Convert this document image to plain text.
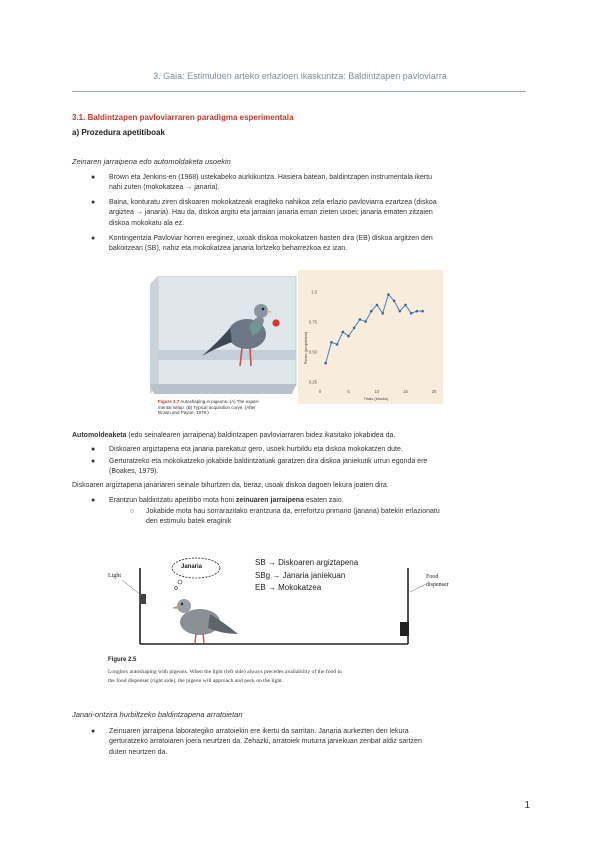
3. Gaia: Estimuluen arteko erlazioen ikaskuntza: Baldintzapen pavloviarra
3.1. Baldintzapen pavloviarraren paradigma esperimentala
a) Prozedura apetitiboak
Zeinaren jarraipena edo automoldaketa usoekin
● Brown eta Jenkins-en (1968) ustekabeko aurkikuntza. Hasiera batean, baldintzapen instrumentala ikertu
nahi zuten (mokokatzea → janaria).
● Baina, konturatu ziren diskoaren mokokatzeak eragiteko nahikoa zela erlazio pavloviarra ezartzea (diskoa
argiztea → janaria). Hau da, diskoa argitu eta jarraian janaria eman zieten uxoei; janaria ematen zitzaien
diskoa mokokatu ala ez.
● Kontingentzia Pavloviar horren ereginez, uxoak diskoa mokokatzen hasten dira (EB) diskoa argitzen den
bakoitzean (SB), nahiz eta mokokatzea janaria lortzeko beharrezkoa ez izan.
Figure 3.7 Autoshaping in pigeons. (A) The experi-
mental setup. (B) Typical acquisition curve. (After
Brown and Payne, 1979.)
0.25
0.50
0.75
1.0
0	5	10	15	20
Pecks (proportion)
Trials (blocks)
Automoldeaketa (edo seinalearen jarraipena) baldintzapen pavloviarraren bidez ikasitako jokabidea da.
● Diskoaren argiztapena eta janaria parekatuz gero, usoek hurbildu eta diskoa mokokatzen dute.
● Gerturatzeko eta mokokatzeko jokabide baldintzatuak garatzen dira diskoa janiekutik urrun egonda ere
(Boakes, 1979).
Diskoaren argiztapena janariaren seinale bihurtzen da, beraz, usoak diskoa dagoen lekura joaten dira.
● Erantzun baldintzatu apetitibo mota honi zeinuaren jarraipena esaten zaio.
○ Jokabide mota hau sorrarazitako erantzuna da, errefortzu primario (janaria) batekin erlazionatu
den estimulu batek eraginik
Light
Janaria
Food
dispenser
SB → Diskoaren argiztapena
SBg → Janaria janiekuan
EB → Mokokatzea
Figure 2.5
Longbox autoshaping with pigeons. When the light (left side) always precedes availability of the food in
the food dispenser (right side), the pigeon will approach and peck on the light.
Janari-ontzira hurbiltzeko baldintzapena arratoietan
● Zeinuaren jarraipena laborategiko arratoiekin ere ikertu da sarritan. Janaria aurkezten den lekura
gerturatzeko arratoiaren joera neurtzen da. Zehazki, arratoiek muturra janiekuan zenbat aldiz sartzen
duten neurtzen da.
1
